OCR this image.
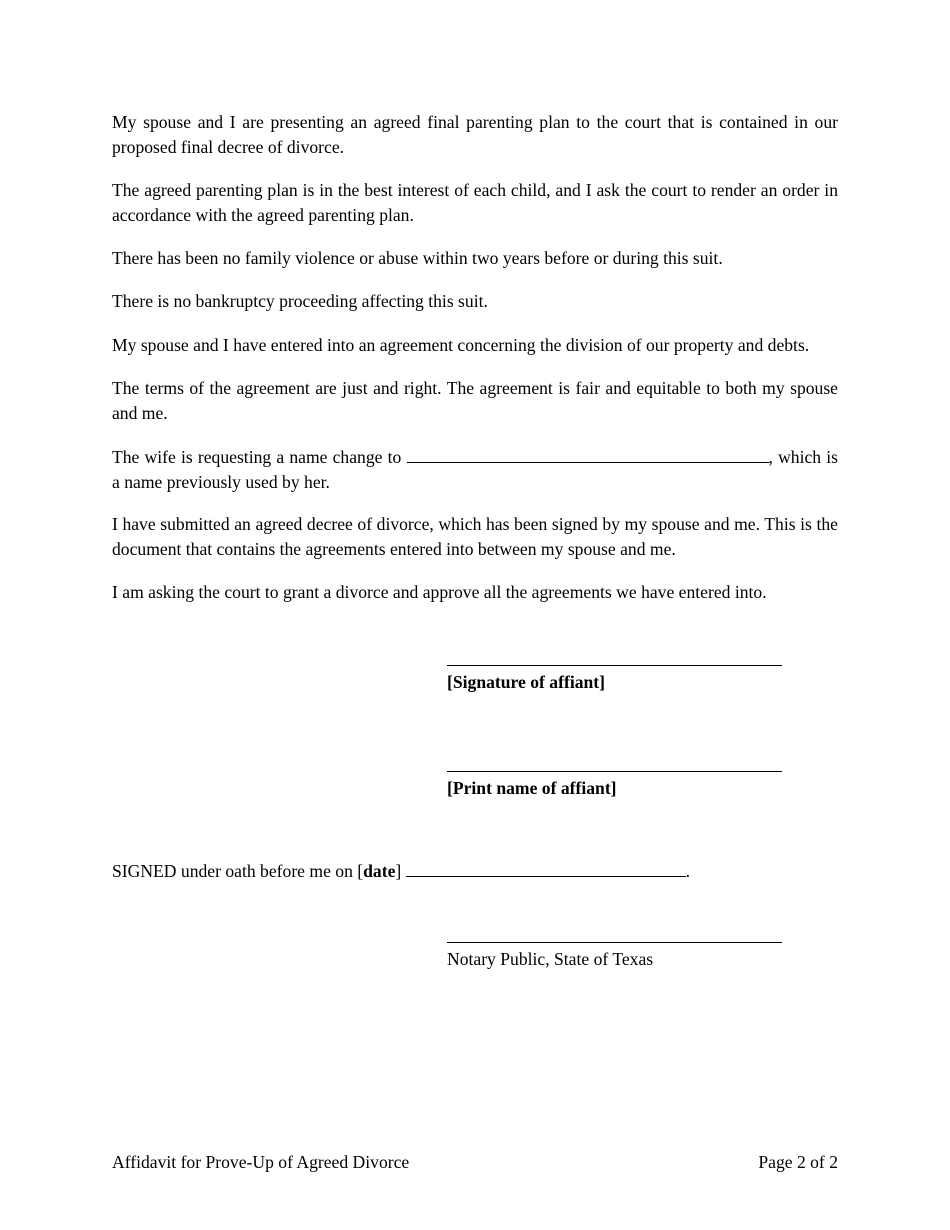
My spouse and I are presenting an agreed final parenting plan to the court that is contained in our proposed final decree of divorce.

The agreed parenting plan is in the best interest of each child, and I ask the court to render an order in accordance with the agreed parenting plan.

There has been no family violence or abuse within two years before or during this suit.

There is no bankruptcy proceeding affecting this suit.

My spouse and I have entered into an agreement concerning the division of our property and debts.

The terms of the agreement are just and right. The agreement is fair and equitable to both my spouse and me.

The wife is requesting a name change to	, which is a name previously used by her.

I have submitted an agreed decree of divorce, which has been signed by my spouse and me. This is the document that contains the agreements entered into between my spouse and me.

I am asking the court to grant a divorce and approve all the agreements we have entered into.

[Signature of affiant]
[Print name of affiant]

SIGNED under oath before me on [date]	.

Notary Public, State of Texas
Affidavit for Prove-Up of Agreed Divorce	Page 2 of 2
